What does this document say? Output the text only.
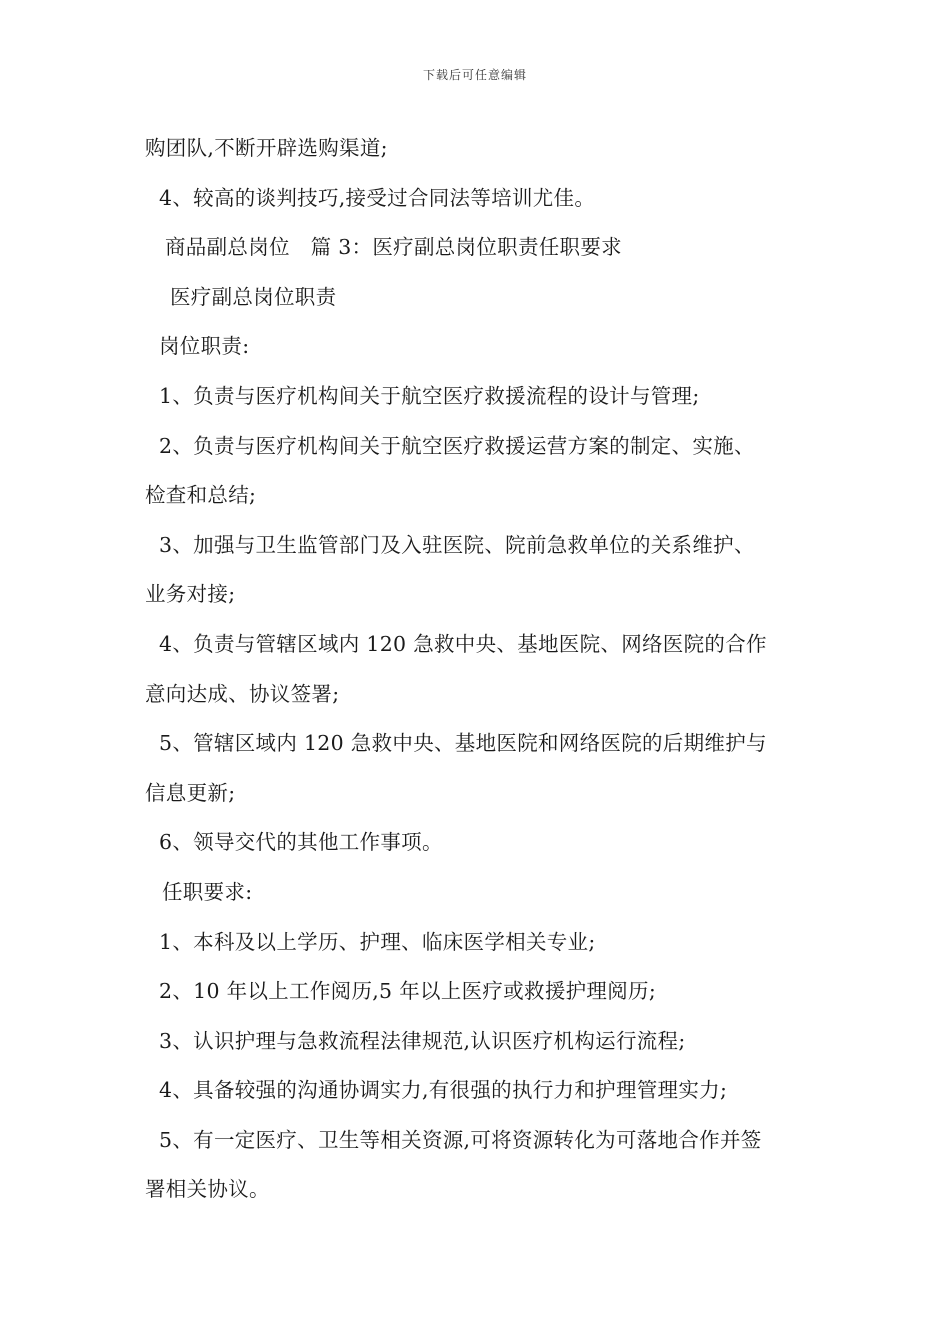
下载后可任意编辑
购团队,不断开辟选购渠道;
4、较高的谈判技巧,接受过合同法等培训尤佳。
商品副总岗位　篇 3：医疗副总岗位职责任职要求
医疗副总岗位职责
岗位职责:
1、负责与医疗机构间关于航空医疗救援流程的设计与管理;
2、负责与医疗机构间关于航空医疗救援运营方案的制定、实施、
检查和总结;
3、加强与卫生监管部门及入驻医院、院前急救单位的关系维护、
业务对接;
4、负责与管辖区域内 120 急救中央、基地医院、网络医院的合作
意向达成、协议签署;
5、管辖区域内 120 急救中央、基地医院和网络医院的后期维护与
信息更新;
6、领导交代的其他工作事项。
任职要求:
1、本科及以上学历、护理、临床医学相关专业;
2、10 年以上工作阅历,5 年以上医疗或救援护理阅历;
3、认识护理与急救流程法律规范,认识医疗机构运行流程;
4、具备较强的沟通协调实力,有很强的执行力和护理管理实力;
5、有一定医疗、卫生等相关资源,可将资源转化为可落地合作并签
署相关协议。
